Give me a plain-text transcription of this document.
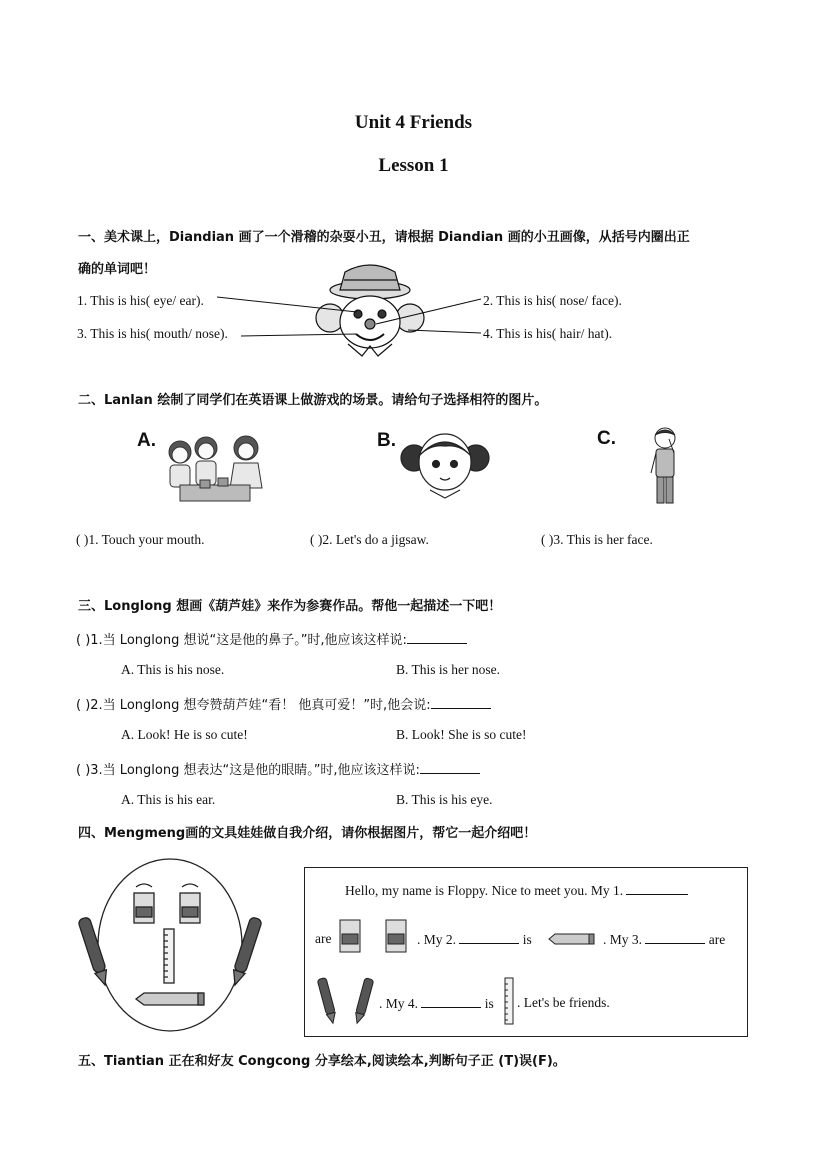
Unit 4 Friends
Lesson 1
一、美术课上，Diandian 画了一个滑稽的杂耍小丑，请根据 Diandian 画的小丑画像，从括号内圈出正
确的单词吧！
1. This is his( eye/ ear).	2. This is his( nose/ face).
3. This is his( mouth/ nose).	4. This is his( hair/ hat).
二、Lanlan 绘制了同学们在英语课上做游戏的场景。请给句子选择相符的图片。
A.	B.	C.
( )1. Touch your mouth.	( )2. Let's do a jigsaw.	( )3. This is her face.
三、Longlong 想画《葫芦娃》来作为参赛作品。帮他一起描述一下吧！
( )1.当 Longlong 想说“这是他的鼻子。”时,他应该这样说:
A. This is his nose.	B. This is her nose.
( )2.当 Longlong 想夸赞葫芦娃“看！ 他真可爱！”时,他会说:
A. Look! He is so cute!	B. Look! She is so cute!
( )3.当 Longlong 想表达“这是他的眼睛。”时,他应该这样说:
A. This is his ear.	B. This is his eye.
四、Mengmeng画的文具娃娃做自我介绍，请你根据图片，帮它一起介绍吧！
Hello, my name is Floppy. Nice to meet you. My 1.
are	. My 2.	is	. My 3.	are
. My 4.	is . Let's be friends.
五、Tiantian 正在和好友 Congcong 分享绘本,阅读绘本,判断句子正 (T)误(F)。
